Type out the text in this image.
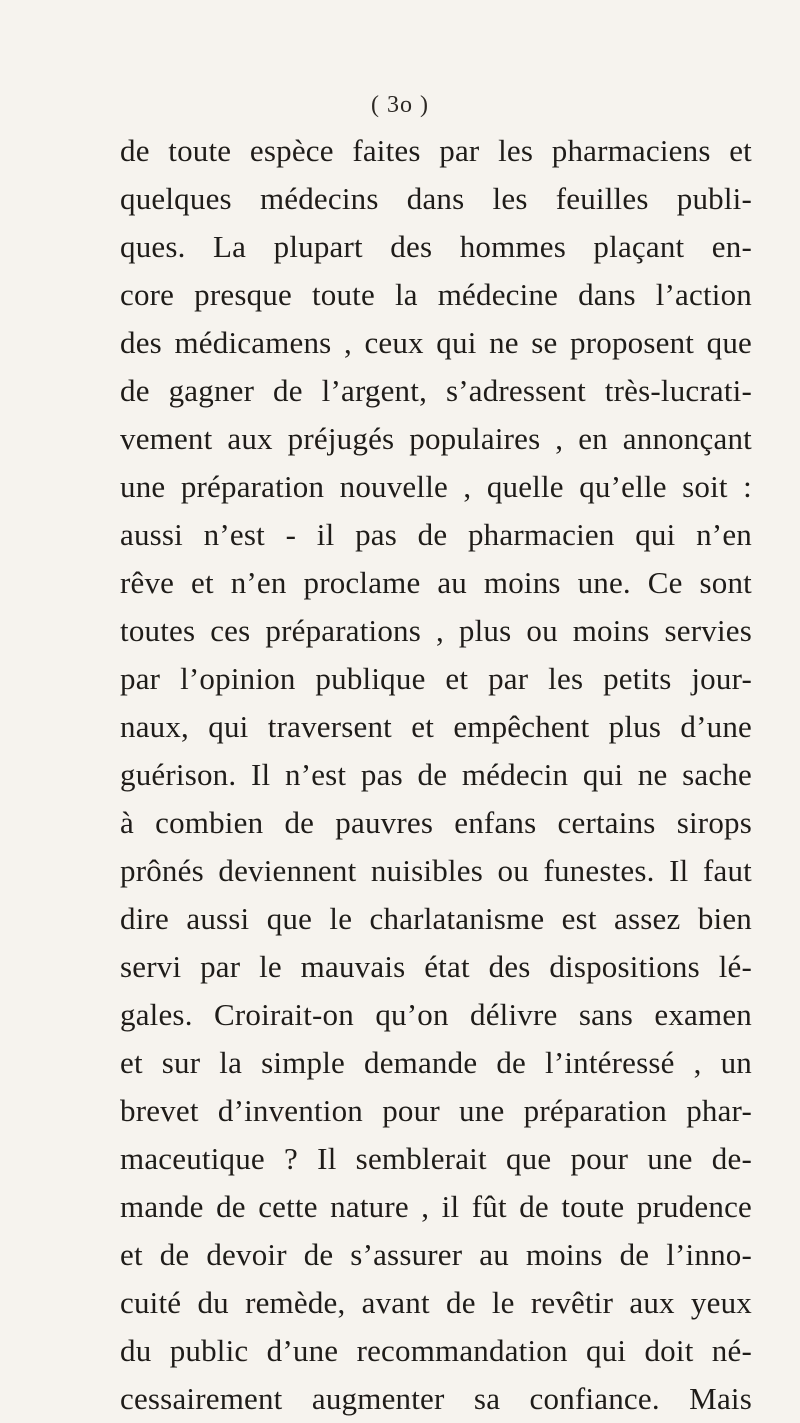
( 3o )
de toute espèce faites par les pharmaciens et
quelques médecins dans les feuilles publi-
ques. La plupart des hommes plaçant en-
core presque toute la médecine dans l’action
des médicamens , ceux qui ne se proposent que
de gagner de l’argent, s’adressent très-lucrati-
vement aux préjugés populaires , en annonçant
une préparation nouvelle , quelle qu’elle soit :
aussi n’est - il pas de pharmacien qui n’en
rêve et n’en proclame au moins une. Ce sont
toutes ces préparations , plus ou moins servies
par l’opinion publique et par les petits jour-
naux, qui traversent et empêchent plus d’une
guérison. Il n’est pas de médecin qui ne sache
à combien de pauvres enfans certains sirops
prônés deviennent nuisibles ou funestes. Il faut
dire aussi que le charlatanisme est assez bien
servi par le mauvais état des dispositions lé-
gales. Croirait-on qu’on délivre sans examen
et sur la simple demande de l’intéressé , un
brevet d’invention pour une préparation phar-
maceutique ? Il semblerait que pour une de-
mande de cette nature , il fût de toute prudence
et de devoir de s’assurer au moins de l’inno-
cuité du remède, avant de le revêtir aux yeux
du public d’une recommandation qui doit né-
cessairement augmenter sa confiance. Mais
